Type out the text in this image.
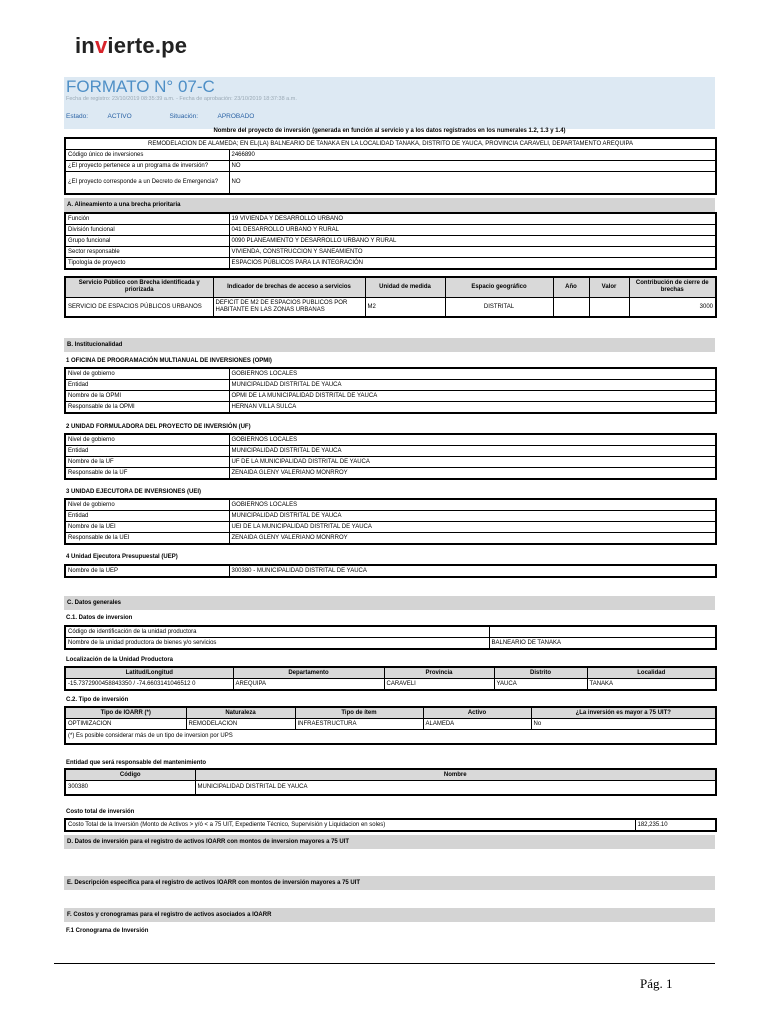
invierte.pe
FORMATO N° 07-C
Fecha de registro: 23/10/2019 08:35:39 a.m. - Fecha de aprobación: 23/10/2019 18:37:38 a.m.
Estado:	ACTIVO	Situación:	APROBADO
Nombre del proyecto de inversión (generada en función al servicio y a los datos registrados en los numerales 1.2, 1.3 y 1.4)
REMODELACION DE ALAMEDA; EN EL(LA) BALNEARIO DE TANAKA EN LA LOCALIDAD TANAKA, DISTRITO DE YAUCA, PROVINCIA CARAVELI, DEPARTAMENTO AREQUIPA	
Código único de inversiones	2466890
¿El proyecto pertenece a un programa de inversión?	NO
¿El proyecto corresponde a un Decreto de Emergencia?	NO
A. Alineamiento a una brecha prioritaria
Función	19 VIVIENDA Y DESARROLLO URBANO
División funcional	041 DESARROLLO URBANO Y RURAL
Grupo funcional	0090 PLANEAMIENTO Y DESARROLLO URBANO Y RURAL
Sector responsable	VIVIENDA, CONSTRUCCION Y SANEAMIENTO
Tipología de proyecto	ESPACIOS PÚBLICOS PARA LA INTEGRACIÓN
Servicio Público con Brecha identificada y priorizada	Indicador de brechas de acceso a servicios	Unidad de medida	Espacio geográfico	Año	Valor	Contribución de cierre de brechas
SERVICIO DE ESPACIOS PÚBLICOS URBANOS	DEFICIT DE M2 DE ESPACIOS PUBLICOS POR HABITANTE EN LAS ZONAS URBANAS	M2	DISTRITAL			3000
B. Institucionalidad
1 OFICINA DE PROGRAMACIÓN MULTIANUAL DE INVERSIONES (OPMI)
Nivel de gobierno	GOBIERNOS LOCALES
Entidad	MUNICIPALIDAD DISTRITAL DE YAUCA
Nombre de la OPMI	OPMI DE LA MUNICIPALIDAD DISTRITAL DE YAUCA
Responsable de la OPMI	HERNAN VILLA SULCA
2 UNIDAD FORMULADORA DEL PROYECTO DE INVERSIÓN (UF)
Nivel de gobierno	GOBIERNOS LOCALES
Entidad	MUNICIPALIDAD DISTRITAL DE YAUCA
Nombre de la UF	UF DE LA MUNICIPALIDAD DISTRITAL DE YAUCA
Responsable de la UF	ZENAIDA GLENY VALERIANO MONRROY
3 UNIDAD EJECUTORA DE INVERSIONES (UEI)
Nivel de gobierno	GOBIERNOS LOCALES
Entidad	MUNICIPALIDAD DISTRITAL DE YAUCA
Nombre de la UEI	UEI DE LA MUNICIPALIDAD DISTRITAL DE YAUCA
Responsable de la UEI	ZENAIDA GLENY VALERIANO MONRROY
4 Unidad Ejecutora Presupuestal (UEP)
Nombre de la UEP	300380 - MUNICIPALIDAD DISTRITAL DE YAUCA
C. Datos generales
C.1. Datos de inversion
Código de identificación de la unidad productora	
Nombre de la unidad productora de bienes y/o servicios	BALNEARIO DE TANAKA
Localización de la Unidad Productora
Latitud/Longitud	Departamento	Provincia	Distrito	Localidad
-15.7372900458843350 / -74.6603141046512 0	AREQUIPA	CARAVELI	YAUCA	TANAKA
C.2. Tipo de inversión
Tipo de IOARR (*)	Naturaleza	Tipo de ítem	Activo	¿La inversión es mayor a 75 UIT?
OPTIMIZACION	REMODELACION	INFRAESTRUCTURA	ALAMEDA	No
(*) Es posible considerar más de un tipo de inversion por UPS				
Entidad que será responsable del mantenimiento
Código	Nombre
300380	MUNICIPALIDAD DISTRITAL DE YAUCA
Costo total de inversión
Costo Total de la Inversión (Monto de Activos > y/ó < a 75 UIT, Expediente Técnico, Supervisión y Liquidacion en soles)	182,235.10
D. Datos de inversión para el registro de activos IOARR con montos de inversion mayores a 75 UIT
E. Descripción específica para el registro de activos IOARR con montos de inversión mayores a 75 UIT
F. Costos y cronogramas para el registro de activos asociados a IOARR
F.1 Cronograma de Inversión
Pág. 1
